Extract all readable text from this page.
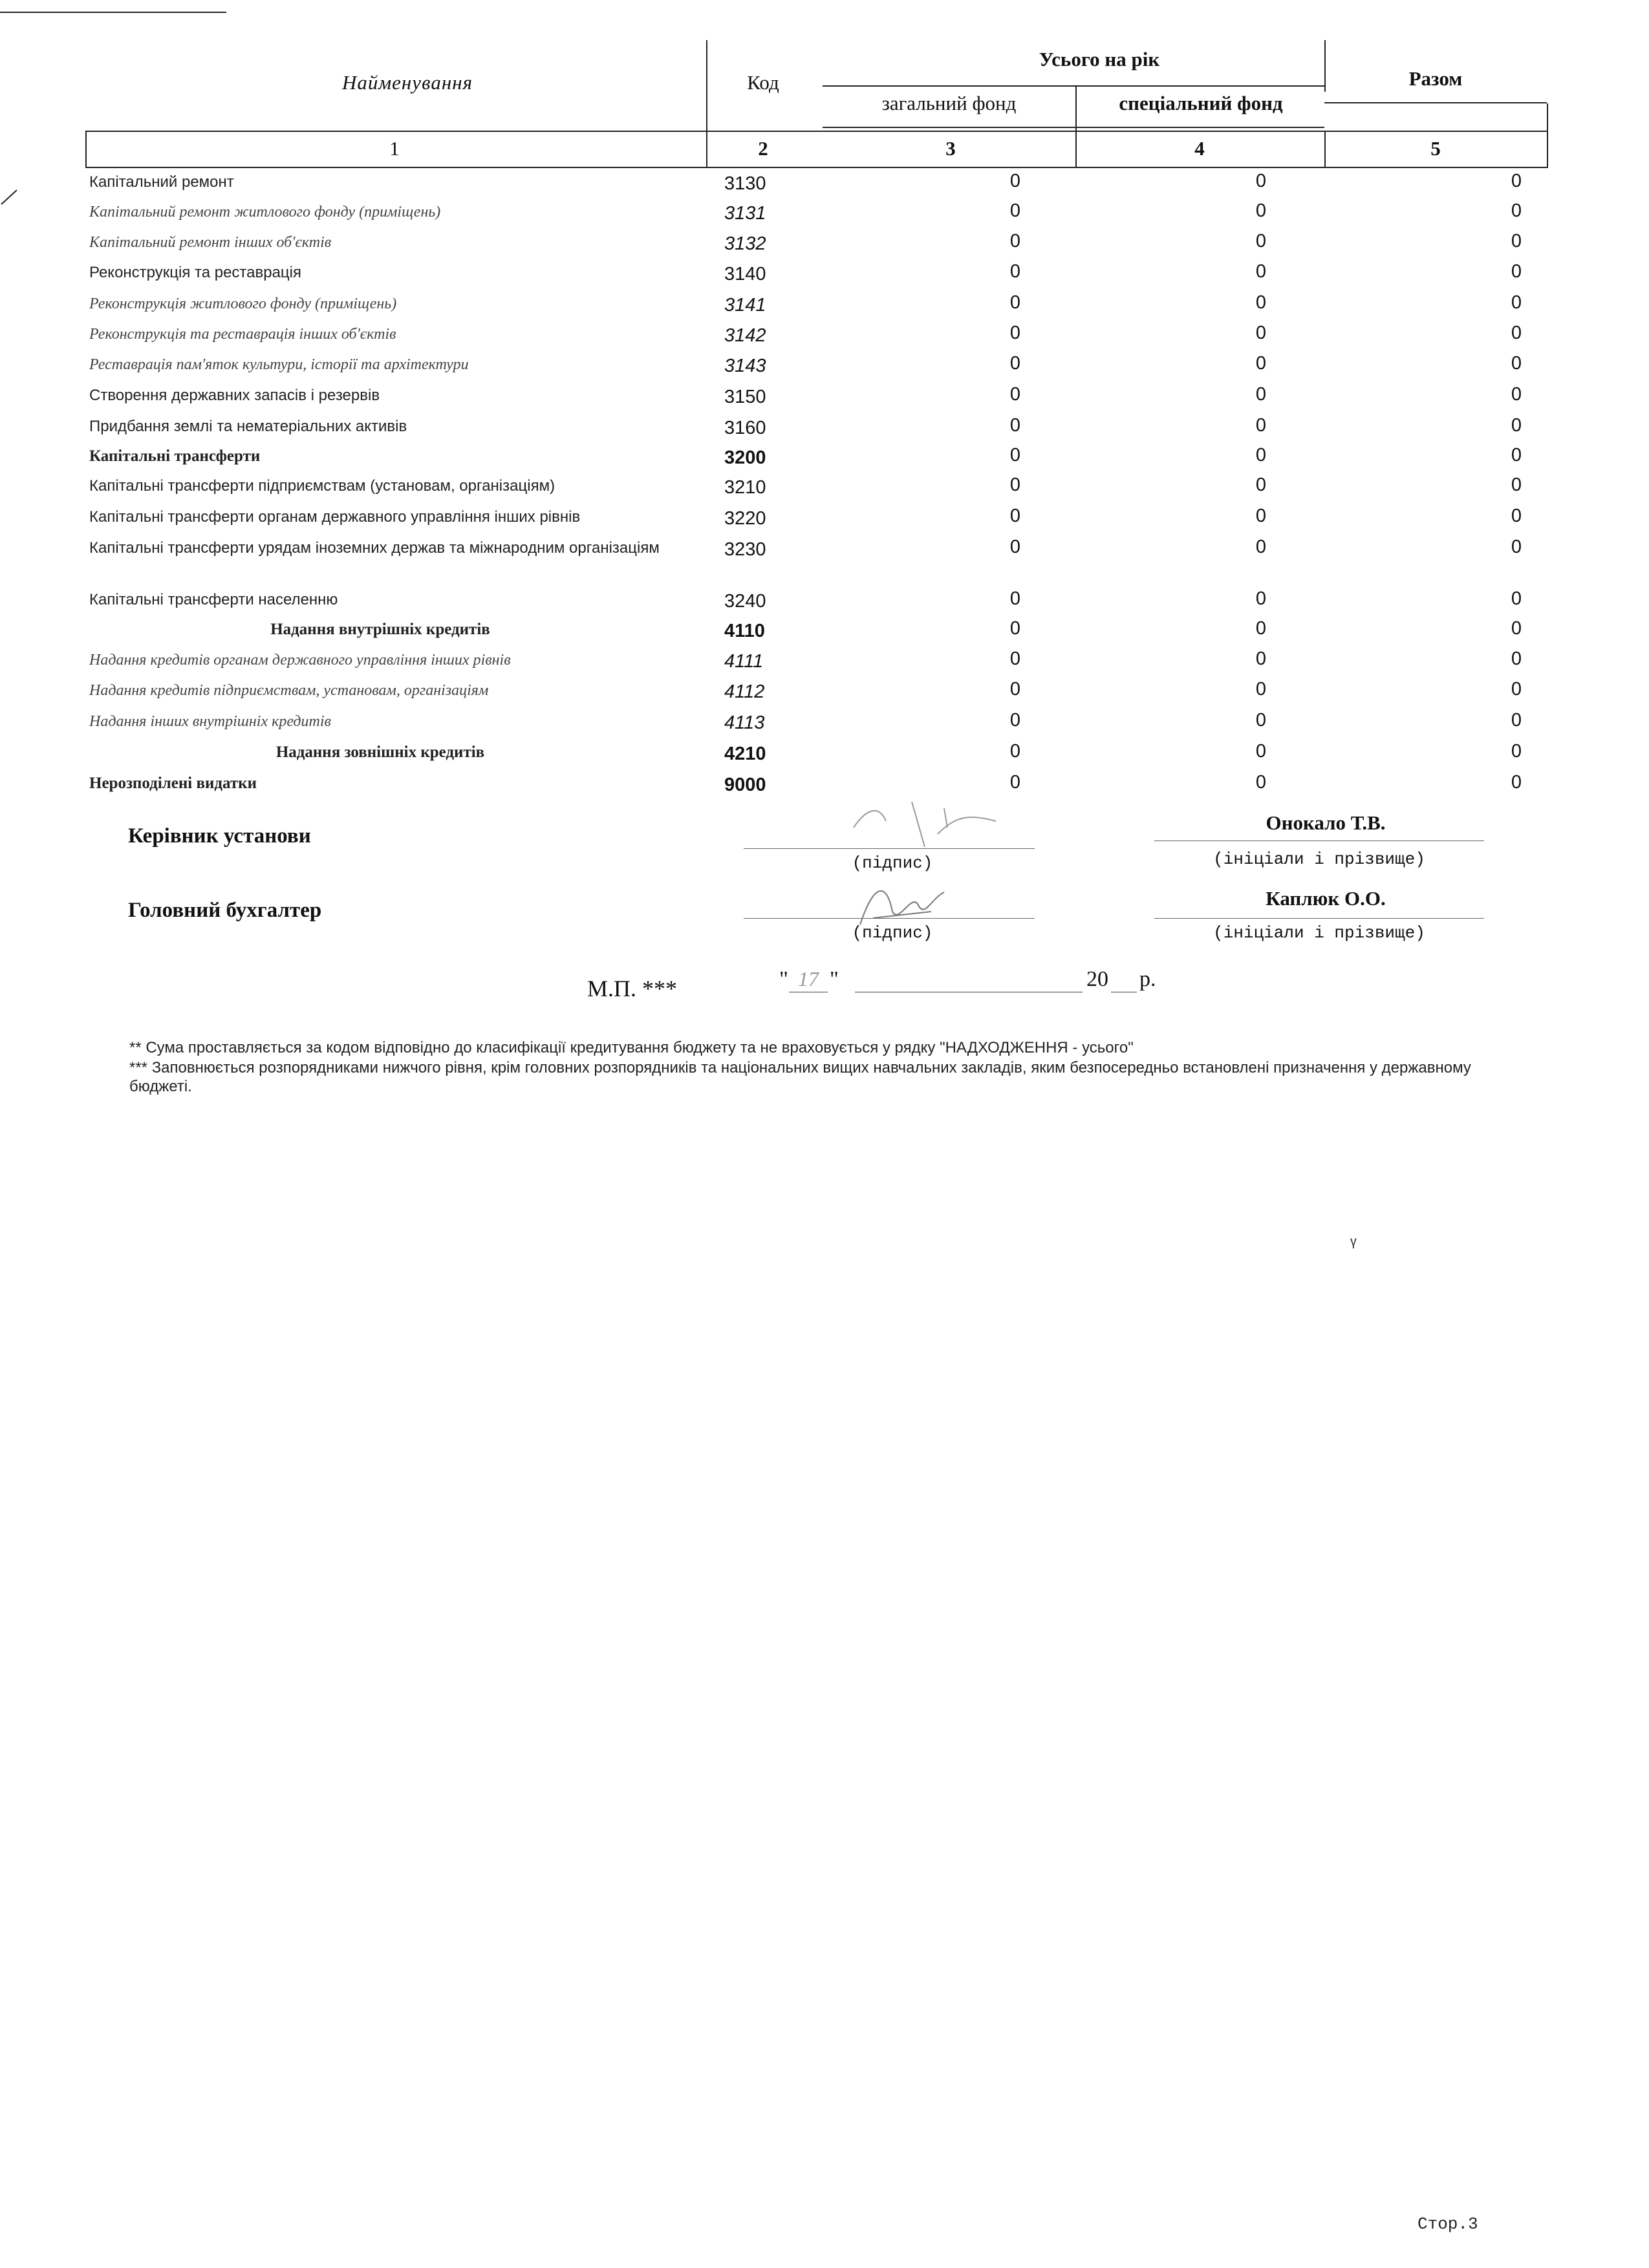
Найменування	Код
Усього на рік
загальний фонд	спеціальний фонд
Разом
1	2	3	4	5
Капітальний ремонт	3130	0	0	0
Капітальний ремонт житлового фонду (приміщень)	3131	0	0	0
Капітальний ремонт інших об'єктів	3132	0	0	0
Реконструкція та реставрація	3140	0	0	0
Реконструкція житлового фонду (приміщень)	3141	0	0	0
Реконструкція та реставрація інших об'єктів	3142	0	0	0
Реставрація пам'яток культури, історії та архітектури	3143	0	0	0
Створення державних запасів і резервів	3150	0	0	0
Придбання землі та нематеріальних активів	3160	0	0	0
Капітальні трансферти	3200	0	0	0
Капітальні трансферти підприємствам (установам, організаціям)	3210	0	0	0
Капітальні трансферти органам державного управління інших рівнів	3220	0	0	0
Капітальні трансферти урядам іноземних держав та міжнародним організаціям	3230	0	0	0
Капітальні трансферти населенню	3240	0	0	0
Надання внутрішніх кредитів	4110	0	0	0
Надання кредитів органам державного управління інших рівнів	4111	0	0	0
Надання кредитів підприємствам, установам, організаціям	4112	0	0	0
Надання інших внутрішніх кредитів	4113	0	0	0
Надання зовнішніх кредитів	4210	0	0	0
Нерозподілені видатки	9000	0	0	0
Керівник установи
(підпис)
Онокало Т.В.
(ініціали і прізвище)
Головний бухгалтер
(підпис)
Каплюк О.О.
(ініціали і прізвище)
М.П. ***	" 17 "	20 р.
** Сума проставляється за кодом відповідно до класифікації кредитування бюджету та не враховується у рядку "НАДХОДЖЕННЯ - усього"
*** Заповнюється розпорядниками нижчого рівня, крім головних розпорядників та національних вищих навчальних закладів, яким безпосередньо встановлені призначення у державному бюджеті.
ᵞ
Стор.3
